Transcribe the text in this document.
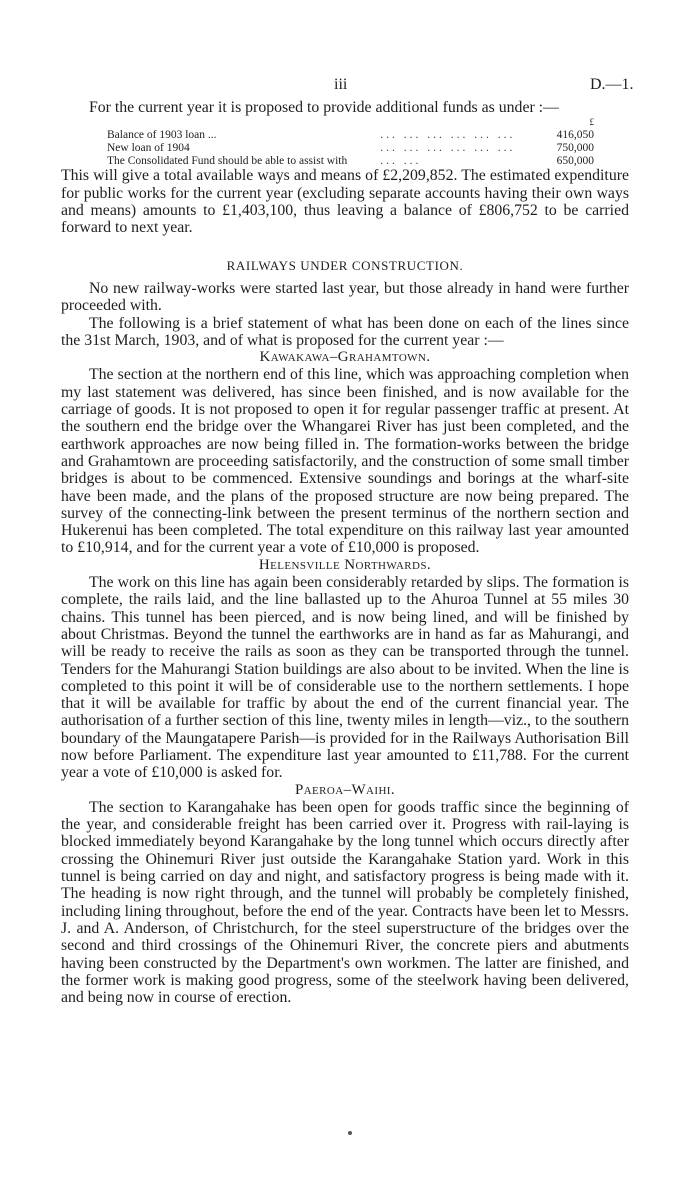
iii	D.—1.

For the current year it is proposed to provide additional funds as under :—

		£
Balance of 1903 loan ...	... ... ... ... ... ...	416,050
New loan of 1904	... ... ... ... ... ...	750,000
The Consolidated Fund should be able to assist with	... ...	650,000

This will give a total available ways and means of £2,209,852. The estimated expenditure for public works for the current year (excluding separate accounts having their own ways and means) amounts to £1,403,100, thus leaving a balance of £806,752 to be carried forward to next year.

RAILWAYS UNDER CONSTRUCTION.

No new railway-works were started last year, but those already in hand were further proceeded with.

The following is a brief statement of what has been done on each of the lines since the 31st March, 1903, and of what is proposed for the current year :—

Kawakawa–Grahamtown.

The section at the northern end of this line, which was approaching completion when my last statement was delivered, has since been finished, and is now available for the carriage of goods. It is not proposed to open it for regular passenger traffic at present. At the southern end the bridge over the Whangarei River has just been completed, and the earthwork approaches are now being filled in. The formation-works between the bridge and Grahamtown are proceeding satisfactorily, and the construction of some small timber bridges is about to be commenced. Extensive soundings and borings at the wharf-site have been made, and the plans of the proposed structure are now being prepared. The survey of the connecting-link between the present terminus of the northern section and Hukerenui has been completed. The total expenditure on this railway last year amounted to £10,914, and for the current year a vote of £10,000 is proposed.

Helensville Northwards.

The work on this line has again been considerably retarded by slips. The formation is complete, the rails laid, and the line ballasted up to the Ahuroa Tunnel at 55 miles 30 chains. This tunnel has been pierced, and is now being lined, and will be finished by about Christmas. Beyond the tunnel the earthworks are in hand as far as Mahurangi, and will be ready to receive the rails as soon as they can be transported through the tunnel. Tenders for the Mahurangi Station buildings are also about to be invited. When the line is completed to this point it will be of considerable use to the northern settlements. I hope that it will be available for traffic by about the end of the current financial year. The authorisation of a further section of this line, twenty miles in length—viz., to the southern boundary of the Maungatapere Parish—is provided for in the Railways Authorisation Bill now before Parliament. The expenditure last year amounted to £11,788. For the current year a vote of £10,000 is asked for.

Paeroa–Waihi.

The section to Karangahake has been open for goods traffic since the beginning of the year, and considerable freight has been carried over it. Progress with rail-laying is blocked immediately beyond Karangahake by the long tunnel which occurs directly after crossing the Ohinemuri River just outside the Karangahake Station yard. Work in this tunnel is being carried on day and night, and satisfactory progress is being made with it. The heading is now right through, and the tunnel will probably be completely finished, including lining throughout, before the end of the year. Contracts have been let to Messrs. J. and A. Anderson, of Christchurch, for the steel superstructure of the bridges over the second and third crossings of the Ohinemuri River, the concrete piers and abutments having been constructed by the Department's own workmen. The latter are finished, and the former work is making good progress, some of the steelwork having been delivered, and being now in course of erection.
